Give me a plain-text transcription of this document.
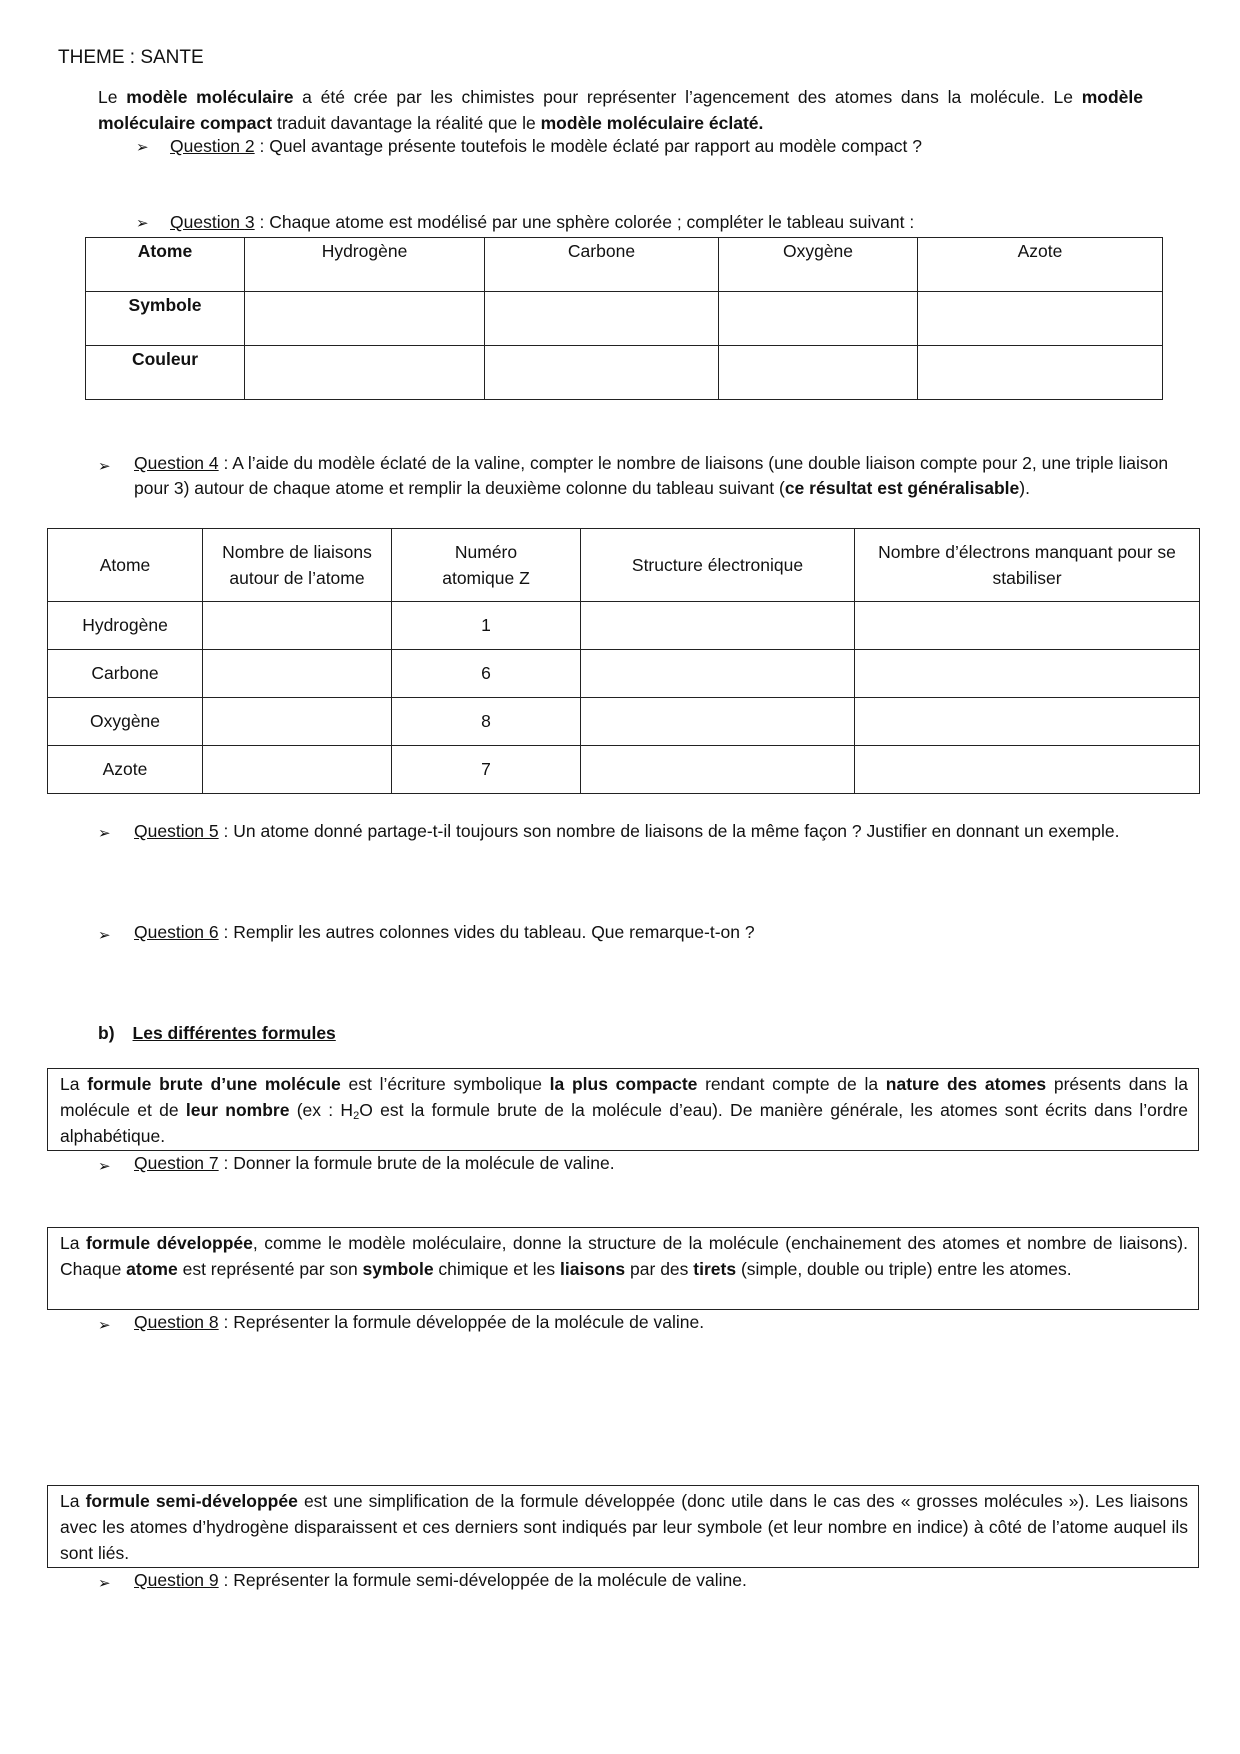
THEME : SANTE

Le modèle moléculaire a été crée par les chimistes pour représenter l’agencement des atomes dans la molécule. Le modèle moléculaire compact traduit davantage la réalité que le modèle moléculaire éclaté.

➢ Question 2 : Quel avantage présente toutefois le modèle éclaté par rapport au modèle compact ?
➢ Question 3 : Chaque atome est modélisé par une sphère colorée ; compléter le tableau suivant :
Atome	Hydrogène	Carbone	Oxygène	Azote
Symbole				
Couleur				
➢ Question 4 : A l’aide du modèle éclaté de la valine, compter le nombre de liaisons (une double liaison compte pour 2, une triple liaison pour 3) autour de chaque atome et remplir la deuxième colonne du tableau suivant (ce résultat est généralisable).
Atome	Nombre de liaisons autour de l’atome	Numéro atomique Z	Structure électronique	Nombre d’électrons manquant pour se stabiliser
Hydrogène		1		
Carbone		6		
Oxygène		8		
Azote		7		
➢ Question 5 : Un atome donné partage-t-il toujours son nombre de liaisons de la même façon ? Justifier en donnant un exemple.
➢ Question 6 : Remplir les autres colonnes vides du tableau. Que remarque-t-on ?
b) Les différentes formules

La formule brute d’une molécule est l’écriture symbolique la plus compacte rendant compte de la nature des atomes présents dans la molécule et de leur nombre (ex : $H_2O$ est la formule brute de la molécule d’eau). De manière générale, les atomes sont écrits dans l’ordre alphabétique.

➢ Question 7 : Donner la formule brute de la molécule de valine.

La formule développée, comme le modèle moléculaire, donne la structure de la molécule (enchainement des atomes et nombre de liaisons). Chaque atome est représenté par son symbole chimique et les liaisons par des tirets (simple, double ou triple) entre les atomes.

➢ Question 8 : Représenter la formule développée de la molécule de valine.

La formule semi-développée est une simplification de la formule développée (donc utile dans le cas des « grosses molécules »). Les liaisons avec les atomes d’hydrogène disparaissent et ces derniers sont indiqués par leur symbole (et leur nombre en indice) à côté de l’atome auquel ils sont liés.

➢ Question 9 : Représenter la formule semi-développée de la molécule de valine.
